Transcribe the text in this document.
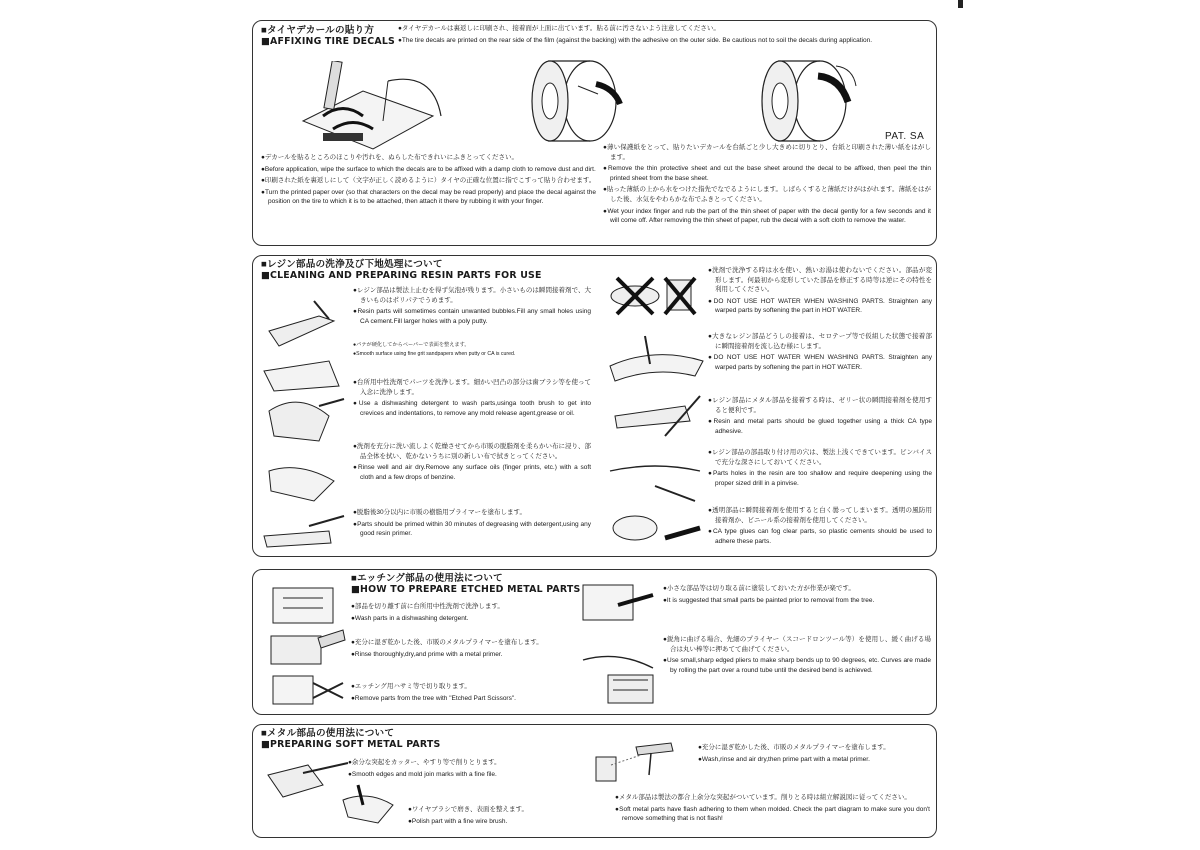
■タイヤデカールの貼り方
■AFFIXING TIRE DECALS

●タイヤデカールは裏返しに印刷され、接着面が上面に出ています。貼る前に汚さないよう注意してください。

●The tire decals are printed on the rear side of the film (against the backing) with the adhesive on the outer side. Be cautious not to soil the decals during application.

PAT. SA

●デカールを貼るところのほこりや汚れを、ぬらした布できれいにふきとってください。

●Before application, wipe the surface to which the decals are to be affixed with a damp cloth to remove dust and dirt.

●印刷された紙を裏返しにして（文字が正しく読めるように）タイヤの正確な位置に指でこすって貼り合わせます。

●Turn the printed paper over (so that characters on the decal may be read properly) and place the decal against the position on the tire to which it is to be attached, then attach it there by rubbing it with your finger.

●薄い保護紙をとって、貼りたいデカールを台紙ごと少し大きめに切りとり、台紙と印刷された薄い紙をはがします。

●Remove the thin protective sheet and cut the base sheet around the decal to be affixed, then peel the thin printed sheet from the base sheet.

●貼った薄紙の上から水をつけた指先でなでるようにします。しばらくすると薄紙だけがはがれます。薄紙をはがした後、水気をやわらかな布でふきとってください。

●Wet your index finger and rub the part of the thin sheet of paper with the decal gently for a few seconds and it will come off. After removing the thin sheet of paper, rub the decal with a soft cloth to remove the water.

■レジン部品の洗浄及び下地処理について
■CLEANING AND PREPARING RESIN PARTS FOR USE

●レジン部品は製法上止むを得ず気泡が残ります。小さいものは瞬間接着剤で、大きいものはポリパテでうめます。

●Resin parts will sometimes contain unwanted bubbles.Fill any small holes using CA cement.Fill larger holes with a poly putty.

●パテが硬化してからペーパーで表面を整えます。

●Smooth surface using fine grit sandpapers when putty or CA is cured.

●台所用中性洗剤でパーツを洗浄します。細かい凹凸の部分は歯ブラシ等を使って入念に洗浄します。

●Use a dishwashing detergent to wash parts,usinga tooth brush to get into crevices and indentations, to remove any mold release agent,grease or oil.

●洗剤を充分に洗い流しよく乾燥させてから市販の脱脂剤を柔らかい布に浸り、部品全体を拭い、乾かないうちに別の新しい布で拭きとってください。

●Rinse well and air dry.Remove any surface oils (finger prints, etc.) with a soft cloth and a few drops of benzine.

●脱脂後30分以内に市販の樹脂用プライマーを塗布します。

●Parts should be primed within 30 minutes of degreasing with detergent,using any good resin primer.

●洗剤で洗浄する時は水を使い、熱いお湯は使わないでください。部品が変形します。何最初から変形していた部品を修正する時等は逆にその特性を利用してください。

●DO NOT USE HOT WATER WHEN WASHING PARTS. Straighten any warped parts by softening the part in HOT WATER.

●大きなレジン部品どうしの接着は、セロテープ等で仮組した状態で接着部に瞬間接着剤を流し込む様にします。

●DO NOT USE HOT WATER WHEN WASHING PARTS. Straighten any warped parts by softening the part in HOT WATER.

●レジン部品にメタル部品を接着する時は、ゼリー状の瞬間接着剤を使用すると便利です。

●Resin and metal parts should be glued together using a thick CA type adhesive.

●レジン部品の部品取り付け用の穴は、製法上浅くできています。ピンバイスで充分な深さにしておいてください。

●Parts holes in the resin are too shallow and require deepening using the proper sized drill in a pinvise.

●透明部品に瞬間接着剤を使用すると白く曇ってしまいます。透明の風防用接着剤か、ビニール系の接着剤を使用してください。

●CA type glues can fog clear parts, so plastic cements should be used to adhere these parts.

■エッチング部品の使用法について
■HOW TO PREPARE ETCHED METAL PARTS

●部品を切り離す前に台所用中性洗剤で洗浄します。

●Wash parts in a dishwashing detergent.

●充分に湿ぎ乾かした後、市販のメタルプライマーを塗布します。

●Rinse thoroughly,dry,and prime with a metal primer.

●エッチング用ハサミ等で切り取ります。

●Remove parts from the tree with "Etched Part Scissors".

●小さな部品等は切り取る前に塗装しておいた方が作業が楽です。

●It is suggested that small parts be painted prior to removal from the tree.

●鋭角に曲げる場合、先細のプライヤー（スコードロンツール等）を使用し、緩く曲げる場合は丸い棒等に押あてて曲げてください。

●Use small,sharp edged pliers to make sharp bends up to 90 degrees, etc. Curves are made by rolling the part over a round tube until the desired bend is achieved.

■メタル部品の使用法について
■PREPARING SOFT METAL PARTS

●余分な突起をカッター、やすり等で削りとります。

●Smooth edges and mold join marks with a fine file.

●ワイヤブラシで磨き、表面を整えます。

●Polish part with a fine wire brush.

●充分に湿ぎ乾かした後、市販のメタルプライマーを塗布します。

●Wash,rinse and air dry,then prime part with a metal primer.

●メタル部品は製法の都合上余分な突起がついています。削りとる時は組立解説図に従ってください。

●Soft metal parts have flash adhering to them when molded. Check the part diagram to make sure you don't remove something that is not flash!
